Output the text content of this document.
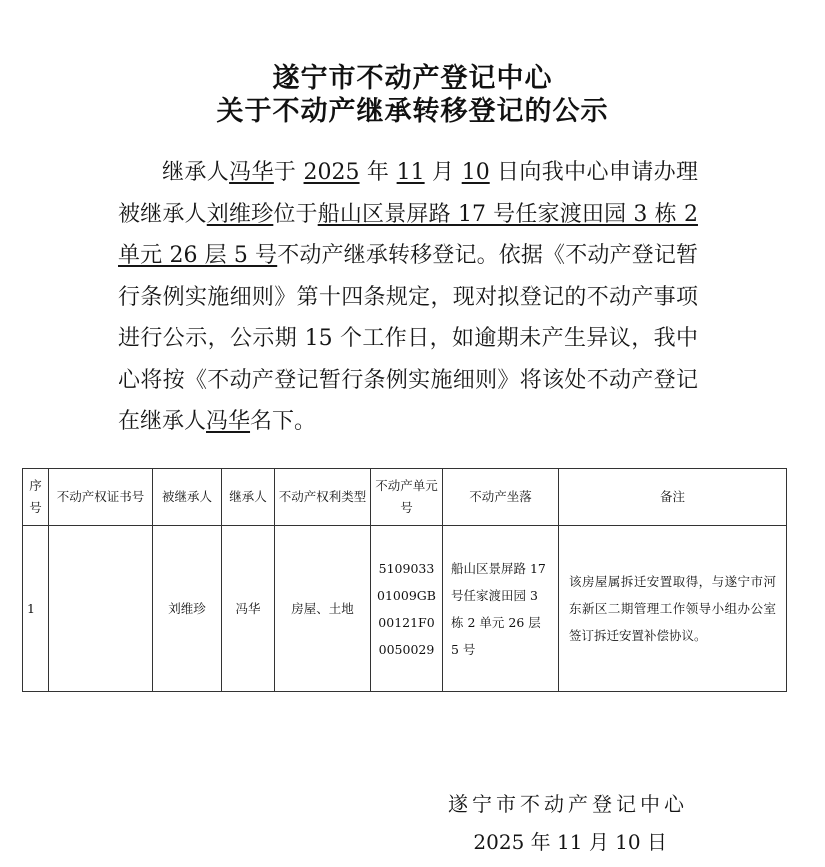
遂宁市不动产登记中心
关于不动产继承转移登记的公示

继承人冯华于 2025 年 11 月 10 日向我中心申请办理被继承人刘维珍位于船山区景屏路 17 号任家渡田园 3 栋 2 单元 26 层 5 号不动产继承转移登记。依据《不动产登记暂行条例实施细则》第十四条规定，现对拟登记的不动产事项进行公示，公示期 15 个工作日，如逾期未产生异议，我中心将按《不动产登记暂行条例实施细则》将该处不动产登记在继承人冯华名下。

序号	不动产权证书号	被继承人	继承人	不动产权利类型	不动产单元号	不动产坐落	备注
1		刘维珍	冯华	房屋、土地	510903301009GB00121F00050029	船山区景屏路 17 号任家渡田园 3 栋 2 单元 26 层 5 号	该房屋属拆迁安置取得，与遂宁市河东新区二期管理工作领导小组办公室签订拆迁安置补偿协议。
遂宁市不动产登记中心
2025 年 11 月 10 日
